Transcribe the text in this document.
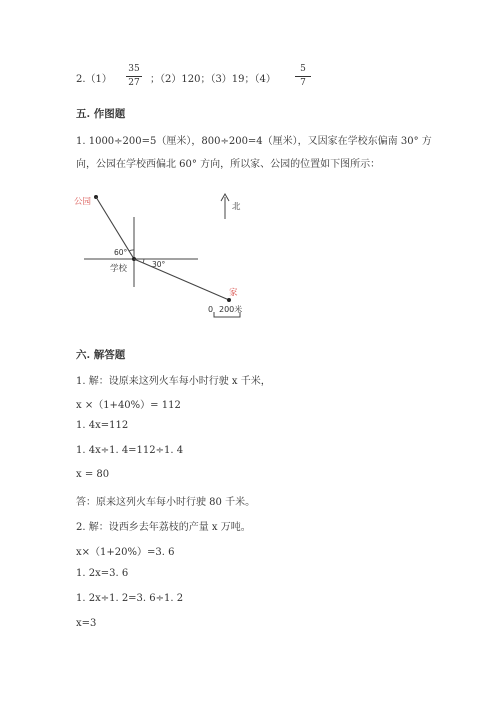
2.（1）
35
27	；（2）120；（3）19；（4）
5
7
五. 作图题
1. 1000÷200=5（厘米），800÷200=4（厘米），又因家在学校东偏南 30° 方
向，公园在学校西偏北 60° 方向，所以家、公园的位置如下图所示：
公园
学校
60°
30°
家
北
0 200米
六. 解答题
1. 解：设原来这列火车每小时行驶 x 千米，
x ×（1+40%）= 112
1. 4x=112
1. 4x÷1. 4=112÷1. 4
x = 80
答：原来这列火车每小时行驶 80 千米。
2. 解：设西乡去年荔枝的产量 x 万吨。
x×（1+20%）=3. 6
1. 2x=3. 6
1. 2x÷1. 2=3. 6÷1. 2
x=3
